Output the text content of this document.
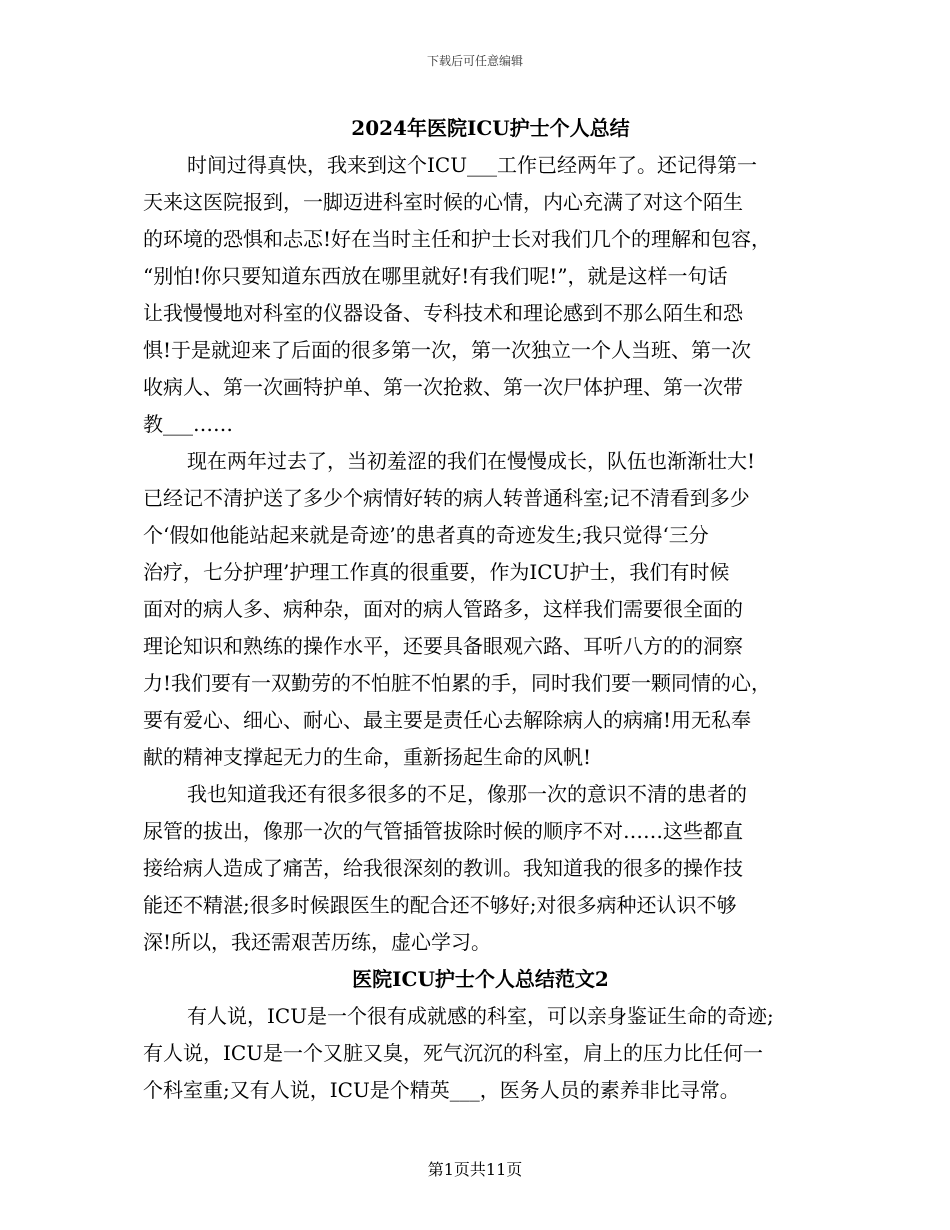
下载后可任意编辑
2024年医院ICU护士个人总结
时间过得真快，我来到这个ICU___工作已经两年了。还记得第一
天来这医院报到，一脚迈进科室时候的心情，内心充满了对这个陌生
的环境的恐惧和忐忑!好在当时主任和护士长对我们几个的理解和包容，
“别怕!你只要知道东西放在哪里就好!有我们呢!”，就是这样一句话
让我慢慢地对科室的仪器设备、专科技术和理论感到不那么陌生和恐
惧!于是就迎来了后面的很多第一次，第一次独立一个人当班、第一次
收病人、第一次画特护单、第一次抢救、第一次尸体护理、第一次带
教___……
现在两年过去了，当初羞涩的我们在慢慢成长，队伍也渐渐壮大!
已经记不清护送了多少个病情好转的病人转普通科室;记不清看到多少
个‘假如他能站起来就是奇迹’的患者真的奇迹发生;我只觉得‘三分
治疗，七分护理’护理工作真的很重要，作为ICU护士，我们有时候
面对的病人多、病种杂，面对的病人管路多，这样我们需要很全面的
理论知识和熟练的操作水平，还要具备眼观六路、耳听八方的的洞察
力!我们要有一双勤劳的不怕脏不怕累的手，同时我们要一颗同情的心，
要有爱心、细心、耐心、最主要是责任心去解除病人的病痛!用无私奉
献的精神支撑起无力的生命，重新扬起生命的风帆!
我也知道我还有很多很多的不足，像那一次的意识不清的患者的
尿管的拔出，像那一次的气管插管拔除时候的顺序不对……这些都直
接给病人造成了痛苦，给我很深刻的教训。我知道我的很多的操作技
能还不精湛;很多时候跟医生的配合还不够好;对很多病种还认识不够
深!所以，我还需艰苦历练，虚心学习。
医院ICU护士个人总结范文2
有人说，ICU是一个很有成就感的科室，可以亲身鉴证生命的奇迹;
有人说，ICU是一个又脏又臭，死气沉沉的科室，肩上的压力比任何一
个科室重;又有人说，ICU是个精英___，医务人员的素养非比寻常。
第1页共11页
